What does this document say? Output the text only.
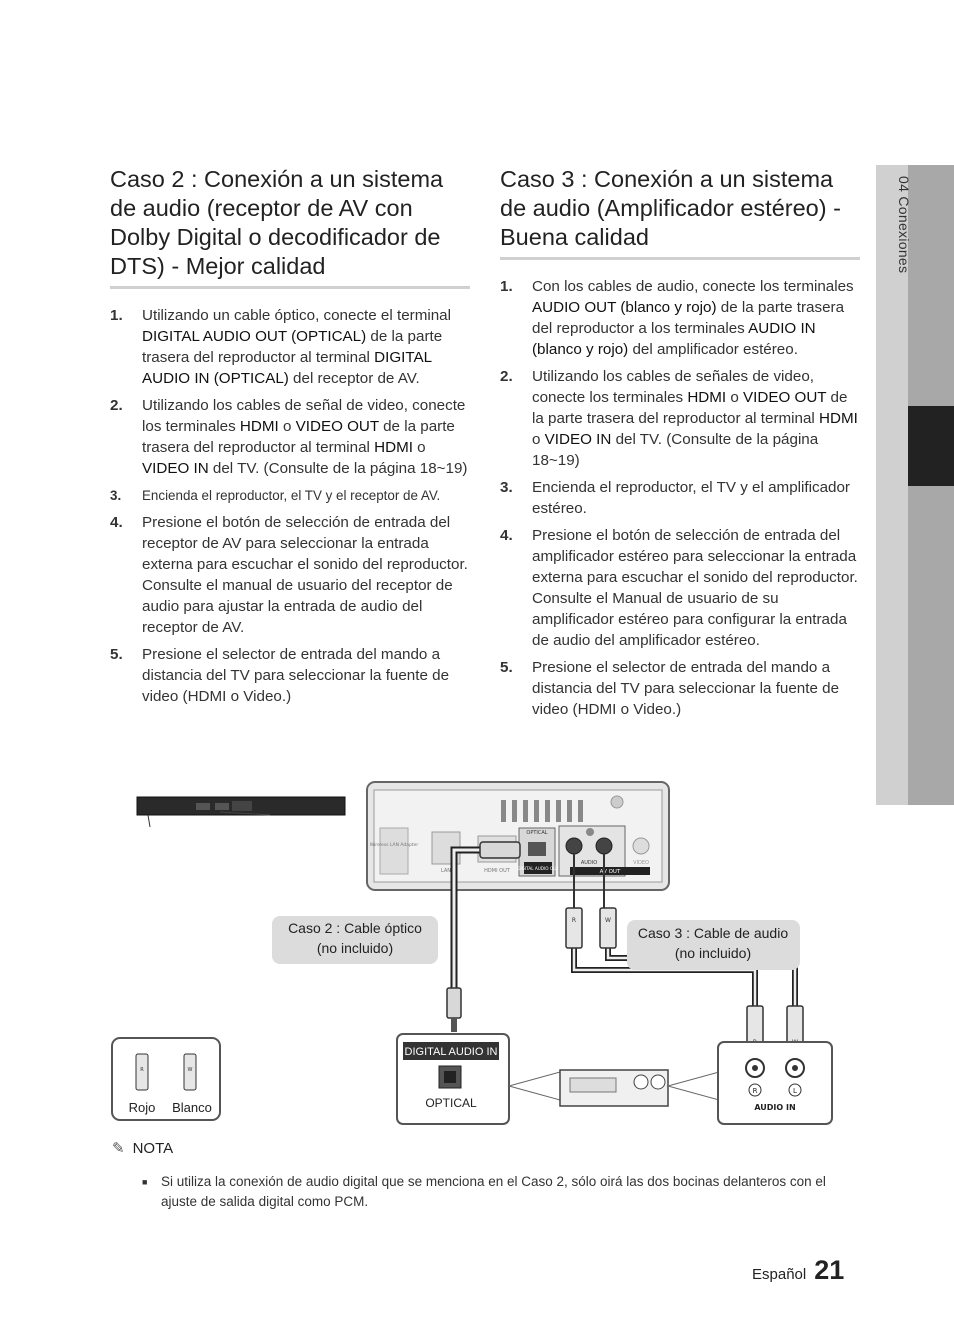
04 Conexiones
Caso 2 : Conexión a un sistema de audio (receptor de AV con Dolby Digital o decodificador de DTS) - Mejor calidad
1. Utilizando un cable óptico, conecte el terminal DIGITAL AUDIO OUT (OPTICAL) de la parte trasera del reproductor al terminal DIGITAL AUDIO IN (OPTICAL) del receptor de AV.
2. Utilizando los cables de señal de video, conecte los terminales HDMI o VIDEO OUT de la parte trasera del reproductor al terminal HDMI o VIDEO IN del TV. (Consulte de la página 18~19)
3. Encienda el reproductor, el TV y el receptor de AV.
4. Presione el botón de selección de entrada del receptor de AV para seleccionar la entrada externa para escuchar el sonido del reproductor. Consulte el manual de usuario del receptor de audio para ajustar la entrada de audio del receptor de AV.
5. Presione el selector de entrada del mando a distancia del TV para seleccionar la fuente de video (HDMI o Video.)
Caso 3 : Conexión a un sistema de audio (Amplificador estéreo) - Buena calidad
1. Con los cables de audio, conecte los terminales AUDIO OUT (blanco y rojo) de la parte trasera del reproductor a los terminales AUDIO IN (blanco y rojo) del amplificador estéreo.
2. Utilizando los cables de señales de video, conecte los terminales HDMI o VIDEO OUT de la parte trasera del reproductor al terminal HDMI o VIDEO IN del TV. (Consulte de la página 18~19)
3. Encienda el reproductor, el TV y el amplificador estéreo.
4. Presione el botón de selección de entrada del amplificador estéreo para seleccionar la entrada externa para escuchar el sonido del reproductor. Consulte el Manual de usuario de su amplificador estéreo para configurar la entrada de audio del amplificador estéreo.
5. Presione el selector de entrada del mando a distancia del TV para seleccionar la fuente de video (HDMI o Video.)
Wireless LAN Adapter
LAN	HDMI OUT
OPTICAL
DIGITAL AUDIO OUT
AUDIO
AV OUT
VIDEO
R	W
Caso 2 : Cable óptico
(no incluido)
Caso 3 : Cable de audio
(no incluido)
DIGITAL AUDIO IN
OPTICAL
R	L
AUDIO IN
R	W
Rojo Blanco
✎ NOTA
■	Si utiliza la conexión de audio digital que se menciona en el Caso 2, sólo oirá las dos bocinas delanteros con el ajuste de salida digital como PCM.
Español 21
